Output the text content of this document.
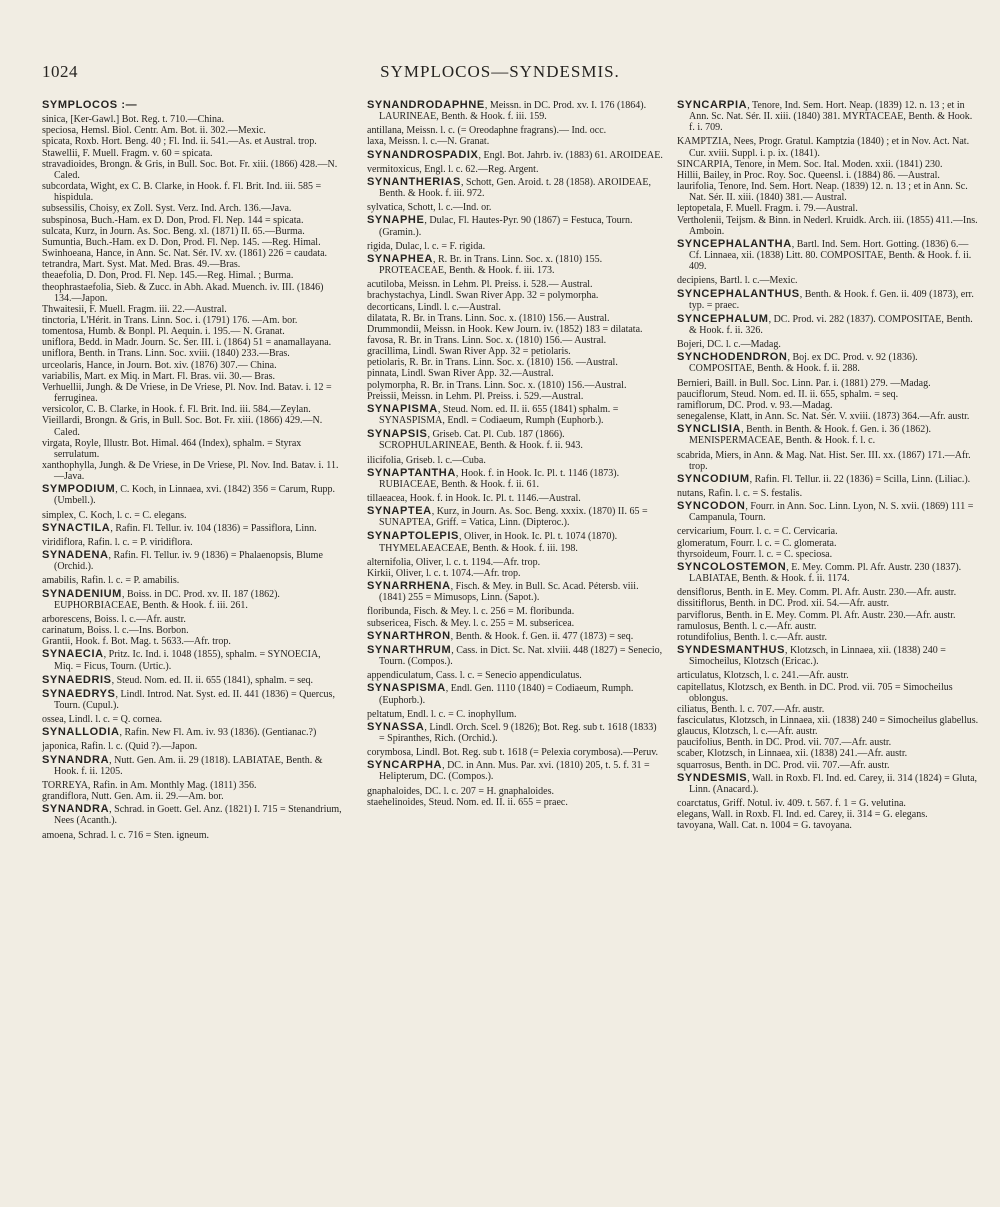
1024	SYMPLOCOS—SYNDESMIS.
SYMPLOCOS :—
sinica, [Ker-Gawl.] Bot. Reg. t. 710.—China.
speciosa, Hemsl. Biol. Centr. Am. Bot. ii. 302.—Mexic.
spicata, Roxb. Hort. Beng. 40 ; Fl. Ind. ii. 541.—As. et Austral. trop.
Stawellii, F. Muell. Fragm. v. 60 = spicata.
stravadioides, Brongn. & Gris, in Bull. Soc. Bot. Fr. xiii. (1866) 428.—N. Caled.
subcordata, Wight, ex C. B. Clarke, in Hook. f. Fl. Brit. Ind. iii. 585 = hispidula.
subsessilis, Choisy, ex Zoll. Syst. Verz. Ind. Arch. 136.—Java.
subspinosa, Buch.-Ham. ex D. Don, Prod. Fl. Nep. 144 = spicata.
sulcata, Kurz, in Journ. As. Soc. Beng. xl. (1871) II. 65.—Burma.
Sumuntia, Buch.-Ham. ex D. Don, Prod. Fl. Nep. 145. —Reg. Himal.
Swinhoeana, Hance, in Ann. Sc. Nat. Sér. IV. xv. (1861) 226 = caudata.
tetrandra, Mart. Syst. Mat. Med. Bras. 49.—Bras.
theaefolia, D. Don, Prod. Fl. Nep. 145.—Reg. Himal. ; Burma.
theophrastaefolia, Sieb. & Zucc. in Abh. Akad. Muench. iv. III. (1846) 134.—Japon.
Thwaitesii, F. Muell. Fragm. iii. 22.—Austral.
tinctoria, L'Hérit. in Trans. Linn. Soc. i. (1791) 176. —Am. bor.
tomentosa, Humb. & Bonpl. Pl. Aequin. i. 195.— N. Granat.
uniflora, Bedd. in Madr. Journ. Sc. Ser. III. i. (1864) 51 = anamallayana.
uniflora, Benth. in Trans. Linn. Soc. xviii. (1840) 233.—Bras.
urceolaris, Hance, in Journ. Bot. xiv. (1876) 307.— China.
variabilis, Mart. ex Miq. in Mart. Fl. Bras. vii. 30.— Bras.
Verhuellii, Jungh. & De Vriese, in De Vriese, Pl. Nov. Ind. Batav. i. 12 = ferruginea.
versicolor, C. B. Clarke, in Hook. f. Fl. Brit. Ind. iii. 584.—Zeylan.
Vieillardi, Brongn. & Gris, in Bull. Soc. Bot. Fr. xiii. (1866) 429.—N. Caled.
virgata, Royle, Illustr. Bot. Himal. 464 (Index), sphalm. = Styrax serrulatum.
xanthophylla, Jungh. & De Vriese, in De Vriese, Pl. Nov. Ind. Batav. i. 11.—Java.
SYMPODIUM, C. Koch, in Linnaea, xvi. (1842) 356 = Carum, Rupp. (Umbell.).
simplex, C. Koch, l. c. = C. elegans.
SYNACTILA, Rafin. Fl. Tellur. iv. 104 (1836) = Passiflora, Linn.
viridiflora, Rafin. l. c. = P. viridiflora.
SYNADENA, Rafin. Fl. Tellur. iv. 9 (1836) = Phalaenopsis, Blume (Orchid.).
amabilis, Rafin. l. c. = P. amabilis.
SYNADENIUM, Boiss. in DC. Prod. xv. II. 187 (1862). EUPHORBIACEAE, Benth. & Hook. f. iii. 261.
arborescens, Boiss. l. c.—Afr. austr.
carinatum, Boiss. l. c.—Ins. Borbon.
Grantii, Hook. f. Bot. Mag. t. 5633.—Afr. trop.
SYNAECIA, Pritz. Ic. Ind. i. 1048 (1855), sphalm. = SYNOECIA, Miq. = Ficus, Tourn. (Urtic.).
SYNAEDRIS, Steud. Nom. ed. II. ii. 655 (1841), sphalm. = seq.
SYNAEDRYS, Lindl. Introd. Nat. Syst. ed. II. 441 (1836) = Quercus, Tourn. (Cupul.).
ossea, Lindl. l. c. = Q. cornea.
SYNALLODIA, Rafin. New Fl. Am. iv. 93 (1836). (Gentianac.?)
japonica, Rafin. l. c. (Quid ?).—Japon.
SYNANDRA, Nutt. Gen. Am. ii. 29 (1818). LABIATAE, Benth. & Hook. f. ii. 1205.
TORREYA, Rafin. in Am. Monthly Mag. (1811) 356.
grandiflora, Nutt. Gen. Am. ii. 29.—Am. bor.
SYNANDRA, Schrad. in Goett. Gel. Anz. (1821) I. 715 = Stenandrium, Nees (Acanth.).
amoena, Schrad. l. c. 716 = Sten. igneum.
SYNANDRODAPHNE, Meissn. in DC. Prod. xv. I. 176 (1864). LAURINEAE, Benth. & Hook. f. iii. 159.
antillana, Meissn. l. c. (= Oreodaphne fragrans).— Ind. occ.
laxa, Meissn. l. c.—N. Granat.
SYNANDROSPADIX, Engl. Bot. Jahrb. iv. (1883) 61. AROIDEAE.
vermitoxicus, Engl. l. c. 62.—Reg. Argent.
SYNANTHERIAS, Schott, Gen. Aroid. t. 28 (1858). AROIDEAE, Benth. & Hook. f. iii. 972.
sylvatica, Schott, l. c.—Ind. or.
SYNAPHE, Dulac, Fl. Hautes-Pyr. 90 (1867) = Festuca, Tourn. (Gramin.).
rigida, Dulac, l. c. = F. rigida.
SYNAPHEA, R. Br. in Trans. Linn. Soc. x. (1810) 155. PROTEACEAE, Benth. & Hook. f. iii. 173.
acutiloba, Meissn. in Lehm. Pl. Preiss. i. 528.— Austral.
brachystachya, Lindl. Swan River App. 32 = polymorpha.
decorticans, Lindl. l. c.—Austral.
dilatata, R. Br. in Trans. Linn. Soc. x. (1810) 156.— Austral.
Drummondii, Meissn. in Hook. Kew Journ. iv. (1852) 183 = dilatata.
favosa, R. Br. in Trans. Linn. Soc. x. (1810) 156.— Austral.
gracillima, Lindl. Swan River App. 32 = petiolaris.
petiolaris, R. Br. in Trans. Linn. Soc. x. (1810) 156. —Austral.
pinnata, Lindl. Swan River App. 32.—Austral.
polymorpha, R. Br. in Trans. Linn. Soc. x. (1810) 156.—Austral.
Preissii, Meissn. in Lehm. Pl. Preiss. i. 529.—Austral.
SYNAPISMA, Steud. Nom. ed. II. ii. 655 (1841) sphalm. = SYNASPISMA, Endl. = Codiaeum, Rumph (Euphorb.).
SYNAPSIS, Griseb. Cat. Pl. Cub. 187 (1866). SCROPHULARINEAE, Benth. & Hook. f. ii. 943.
ilicifolia, Griseb. l. c.—Cuba.
SYNAPTANTHA, Hook. f. in Hook. Ic. Pl. t. 1146 (1873). RUBIACEAE, Benth. & Hook. f. ii. 61.
tillaeacea, Hook. f. in Hook. Ic. Pl. t. 1146.—Austral.
SYNAPTEA, Kurz, in Journ. As. Soc. Beng. xxxix. (1870) II. 65 = SUNAPTEA, Griff. = Vatica, Linn. (Dipteroc.).
SYNAPTOLEPIS, Oliver, in Hook. Ic. Pl. t. 1074 (1870). THYMELAEACEAE, Benth. & Hook. f. iii. 198.
alternifolia, Oliver, l. c. t. 1194.—Afr. trop.
Kirkii, Oliver, l. c. t. 1074.—Afr. trop.
SYNARRHENA, Fisch. & Mey. in Bull. Sc. Acad. Pétersb. viii. (1841) 255 = Mimusops, Linn. (Sapot.).
floribunda, Fisch. & Mey. l. c. 256 = M. floribunda.
subsericea, Fisch. & Mey. l. c. 255 = M. subsericea.
SYNARTHRON, Benth. & Hook. f. Gen. ii. 477 (1873) = seq.
SYNARTHRUM, Cass. in Dict. Sc. Nat. xlviii. 448 (1827) = Senecio, Tourn. (Compos.).
appendiculatum, Cass. l. c. = Senecio appendiculatus.
SYNASPISMA, Endl. Gen. 1110 (1840) = Codiaeum, Rumph. (Euphorb.).
peltatum, Endl. l. c. = C. inophyllum.
SYNASSA, Lindl. Orch. Scel. 9 (1826); Bot. Reg. sub t. 1618 (1833) = Spiranthes, Rich. (Orchid.).
corymbosa, Lindl. Bot. Reg. sub t. 1618 (= Pelexia corymbosa).—Peruv.
SYNCARPHA, DC. in Ann. Mus. Par. xvi. (1810) 205, t. 5. f. 31 = Helipterum, DC. (Compos.).
gnaphaloides, DC. l. c. 207 = H. gnaphaloides.
staehelinoides, Steud. Nom. ed. II. ii. 655 = praec.
SYNCARPIA, Tenore, Ind. Sem. Hort. Neap. (1839) 12. n. 13 ; et in Ann. Sc. Nat. Sér. II. xiii. (1840) 381. MYRTACEAE, Benth. & Hook. f. i. 709.
KAMPTZIA, Nees, Progr. Gratul. Kamptzia (1840) ; et in Nov. Act. Nat. Cur. xviii. Suppl. i. p. ix. (1841).
SINCARPIA, Tenore, in Mem. Soc. Ital. Moden. xxii. (1841) 230.
Hillii, Bailey, in Proc. Roy. Soc. Queensl. i. (1884) 86. —Austral.
laurifolia, Tenore, Ind. Sem. Hort. Neap. (1839) 12. n. 13 ; et in Ann. Sc. Nat. Sér. II. xiii. (1840) 381.— Austral.
leptopetala, F. Muell. Fragm. i. 79.—Austral.
Vertholenii, Teijsm. & Binn. in Nederl. Kruidk. Arch. iii. (1855) 411.—Ins. Amboin.
SYNCEPHALANTHA, Bartl. Ind. Sem. Hort. Gotting. (1836) 6.—Cf. Linnaea, xii. (1838) Litt. 80. COMPOSITAE, Benth. & Hook. f. ii. 409.
decipiens, Bartl. l. c.—Mexic.
SYNCEPHALANTHUS, Benth. & Hook. f. Gen. ii. 409 (1873), err. typ. = praec.
SYNCEPHALUM, DC. Prod. vi. 282 (1837). COMPOSITAE, Benth. & Hook. f. ii. 326.
Bojeri, DC. l. c.—Madag.
SYNCHODENDRON, Boj. ex DC. Prod. v. 92 (1836). COMPOSITAE, Benth. & Hook. f. ii. 288.
Bernieri, Baill. in Bull. Soc. Linn. Par. i. (1881) 279. —Madag.
pauciflorum, Steud. Nom. ed. II. ii. 655, sphalm. = seq.
ramiflorum, DC. Prod. v. 93.—Madag.
senegalense, Klatt, in Ann. Sc. Nat. Sér. V. xviii. (1873) 364.—Afr. austr.
SYNCLISIA, Benth. in Benth. & Hook. f. Gen. i. 36 (1862). MENISPERMACEAE, Benth. & Hook. f. l. c.
scabrida, Miers, in Ann. & Mag. Nat. Hist. Ser. III. xx. (1867) 171.—Afr. trop.
SYNCODIUM, Rafin. Fl. Tellur. ii. 22 (1836) = Scilla, Linn. (Liliac.).
nutans, Rafin. l. c. = S. festalis.
SYNCODON, Fourr. in Ann. Soc. Linn. Lyon, N. S. xvii. (1869) 111 = Campanula, Tourn.
cervicarium, Fourr. l. c. = C. Cervicaria.
glomeratum, Fourr. l. c. = C. glomerata.
thyrsoideum, Fourr. l. c. = C. speciosa.
SYNCOLOSTEMON, E. Mey. Comm. Pl. Afr. Austr. 230 (1837). LABIATAE, Benth. & Hook. f. ii. 1174.
densiflorus, Benth. in E. Mey. Comm. Pl. Afr. Austr. 230.—Afr. austr.
dissitiflorus, Benth. in DC. Prod. xii. 54.—Afr. austr.
parviflorus, Benth. in E. Mey. Comm. Pl. Afr. Austr. 230.—Afr. austr.
ramulosus, Benth. l. c.—Afr. austr.
rotundifolius, Benth. l. c.—Afr. austr.
SYNDESMANTHUS, Klotzsch, in Linnaea, xii. (1838) 240 = Simocheilus, Klotzsch (Ericac.).
articulatus, Klotzsch, l. c. 241.—Afr. austr.
capitellatus, Klotzsch, ex Benth. in DC. Prod. vii. 705 = Simocheilus oblongus.
ciliatus, Benth. l. c. 707.—Afr. austr.
fasciculatus, Klotzsch, in Linnaea, xii. (1838) 240 = Simocheilus glabellus.
glaucus, Klotzsch, l. c.—Afr. austr.
paucifolius, Benth. in DC. Prod. vii. 707.—Afr. austr.
scaber, Klotzsch, in Linnaea, xii. (1838) 241.—Afr. austr.
squarrosus, Benth. in DC. Prod. vii. 707.—Afr. austr.
SYNDESMIS, Wall. in Roxb. Fl. Ind. ed. Carey, ii. 314 (1824) = Gluta, Linn. (Anacard.).
coarctatus, Griff. Notul. iv. 409. t. 567. f. 1 = G. velutina.
elegans, Wall. in Roxb. Fl. Ind. ed. Carey, ii. 314 = G. elegans.
tavoyana, Wall. Cat. n. 1004 = G. tavoyana.
